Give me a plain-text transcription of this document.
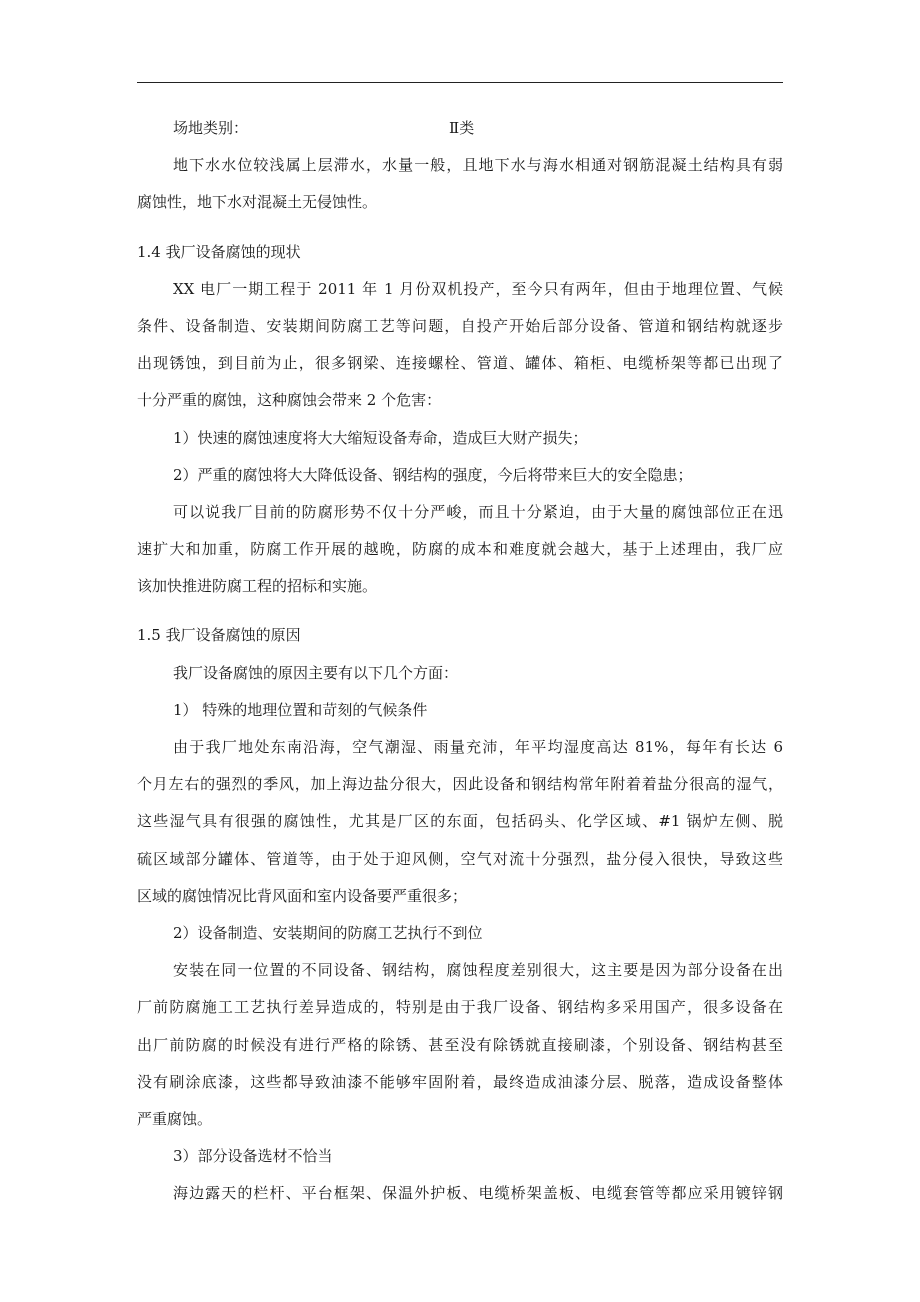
场地类别：	Ⅱ类
地下水水位较浅属上层滞水，水量一般，且地下水与海水相通对钢筋混凝土结构具有弱
腐蚀性，地下水对混凝土无侵蚀性。
1.4 我厂设备腐蚀的现状
XX 电厂一期工程于 2011 年 1 月份双机投产，至今只有两年，但由于地理位置、气候
条件、设备制造、安装期间防腐工艺等问题，自投产开始后部分设备、管道和钢结构就逐步
出现锈蚀，到目前为止，很多钢梁、连接螺栓、管道、罐体、箱柜、电缆桥架等都已出现了
十分严重的腐蚀，这种腐蚀会带来 2 个危害：
1）快速的腐蚀速度将大大缩短设备寿命，造成巨大财产损失；
2）严重的腐蚀将大大降低设备、钢结构的强度，今后将带来巨大的安全隐患；
可以说我厂目前的防腐形势不仅十分严峻，而且十分紧迫，由于大量的腐蚀部位正在迅
速扩大和加重，防腐工作开展的越晚，防腐的成本和难度就会越大，基于上述理由，我厂应
该加快推进防腐工程的招标和实施。
1.5 我厂设备腐蚀的原因
我厂设备腐蚀的原因主要有以下几个方面：
1） 特殊的地理位置和苛刻的气候条件
由于我厂地处东南沿海，空气潮湿、雨量充沛，年平均湿度高达 81%，每年有长达 6
个月左右的强烈的季风，加上海边盐分很大，因此设备和钢结构常年附着着盐分很高的湿气，
这些湿气具有很强的腐蚀性，尤其是厂区的东面，包括码头、化学区域、#1 锅炉左侧、脱
硫区域部分罐体、管道等，由于处于迎风侧，空气对流十分强烈，盐分侵入很快，导致这些
区域的腐蚀情况比背风面和室内设备要严重很多；
2）设备制造、安装期间的防腐工艺执行不到位
安装在同一位置的不同设备、钢结构，腐蚀程度差别很大，这主要是因为部分设备在出
厂前防腐施工工艺执行差异造成的，特别是由于我厂设备、钢结构多采用国产，很多设备在
出厂前防腐的时候没有进行严格的除锈、甚至没有除锈就直接刷漆，个别设备、钢结构甚至
没有刷涂底漆，这些都导致油漆不能够牢固附着，最终造成油漆分层、脱落，造成设备整体
严重腐蚀。
3）部分设备选材不恰当
海边露天的栏杆、平台框架、保温外护板、电缆桥架盖板、电缆套管等都应采用镀锌钢
